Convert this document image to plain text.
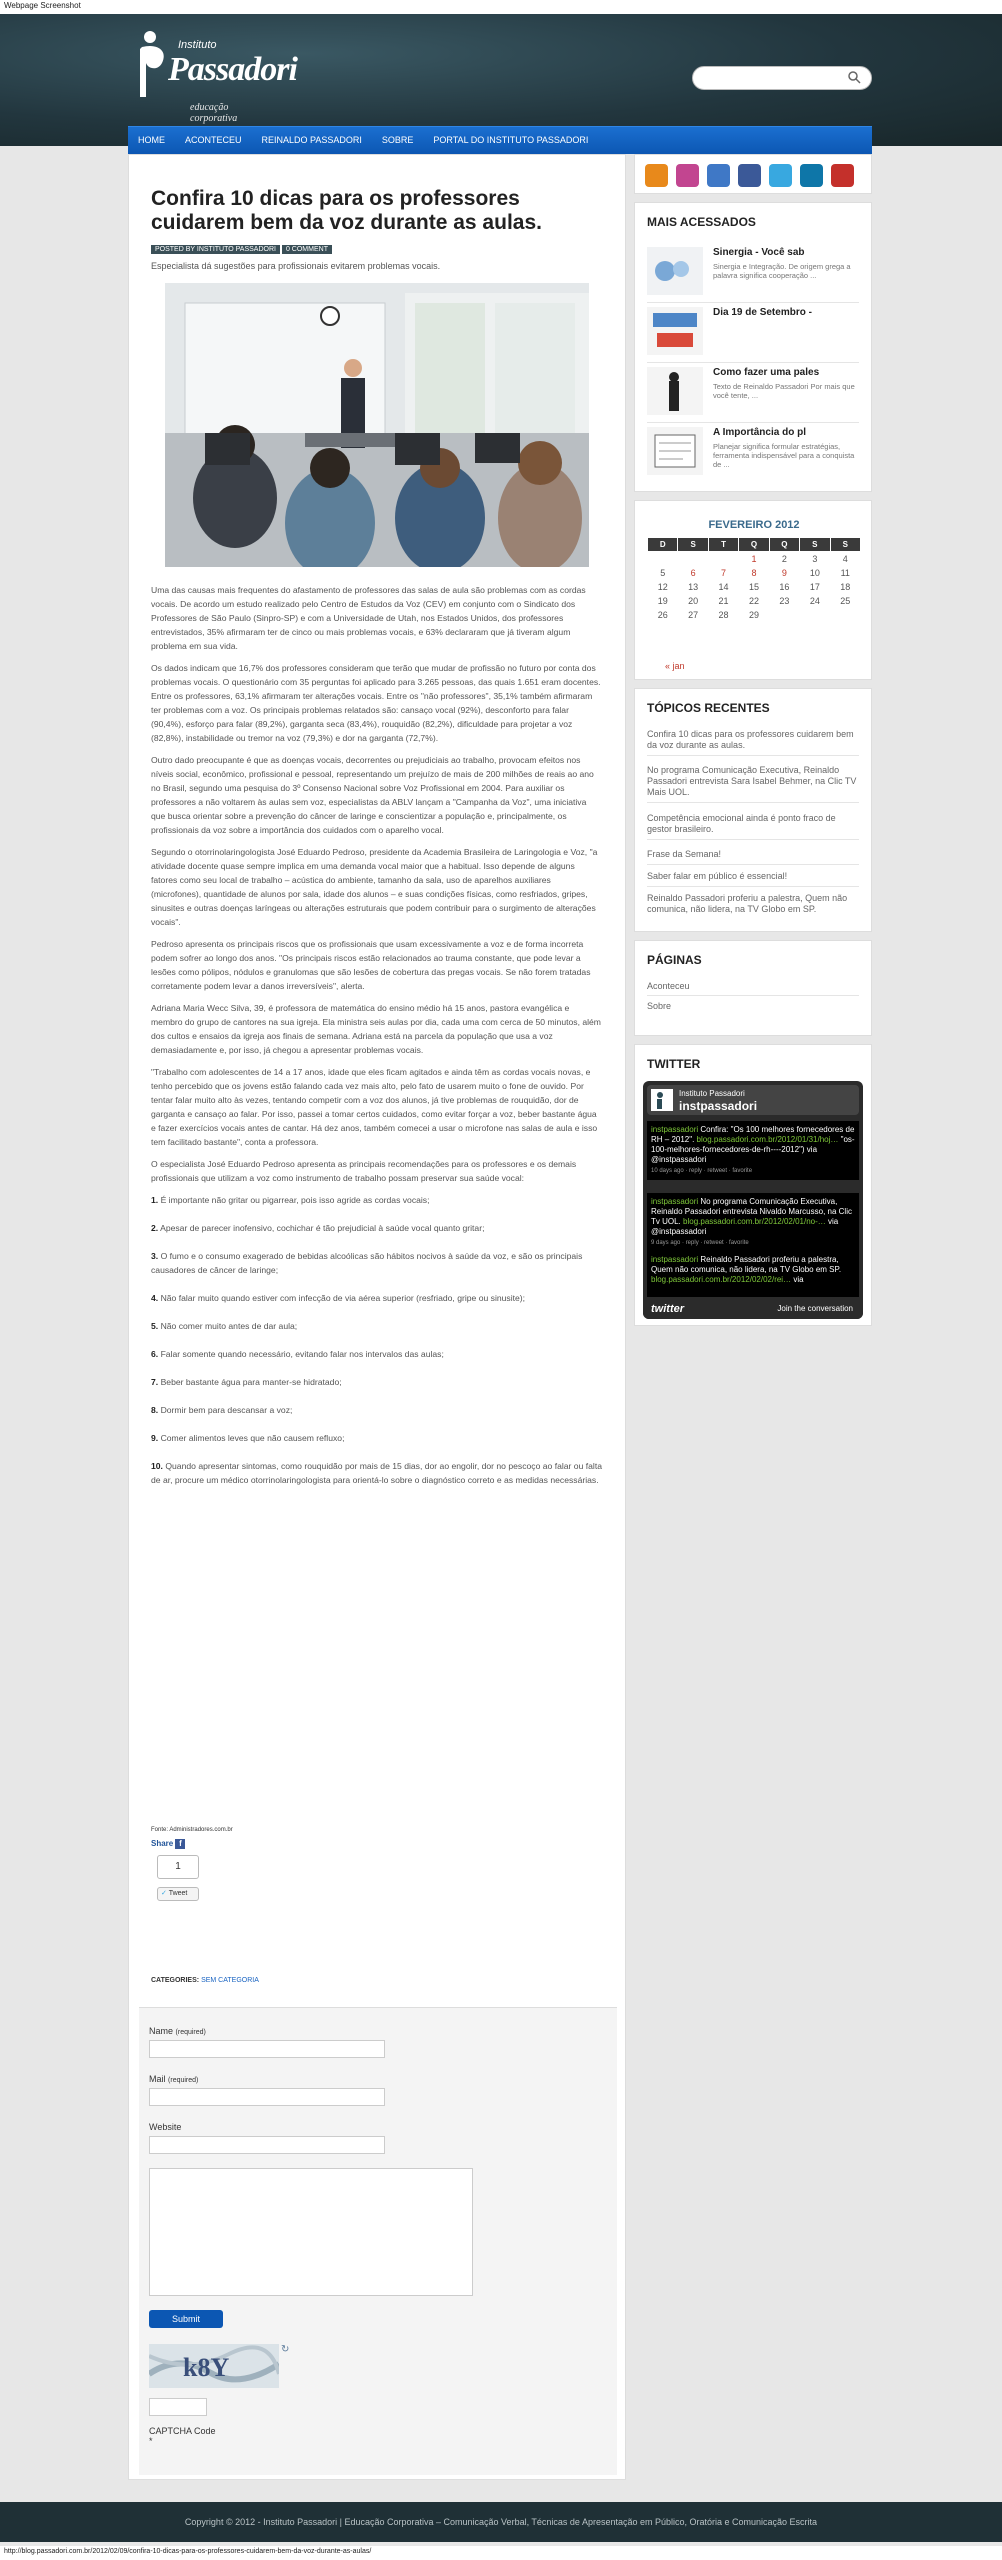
Webpage Screenshot
Instituto
Passadori
educação corporativa
HOME	ACONTECEU	REINALDO PASSADORI	SOBRE	PORTAL DO INSTITUTO PASSADORI
Confira 10 dicas para os professores cuidarem bem da voz durante as aulas.
POSTED BY INSTITUTO PASSADORI 0 COMMENT
Especialista dá sugestões para profissionais evitarem problemas vocais.

Uma das causas mais frequentes do afastamento de professores das salas de aula são problemas com as cordas vocais. De acordo um estudo realizado pelo Centro de Estudos da Voz (CEV) em conjunto com o Sindicato dos Professores de São Paulo (Sinpro-SP) e com a Universidade de Utah, nos Estados Unidos, dos professores entrevistados, 35% afirmaram ter de cinco ou mais problemas vocais, e 63% declararam que já tiveram algum problema em sua vida.

Os dados indicam que 16,7% dos professores consideram que terão que mudar de profissão no futuro por conta dos problemas vocais. O questionário com 35 perguntas foi aplicado para 3.265 pessoas, das quais 1.651 eram docentes. Entre os professores, 63,1% afirmaram ter alterações vocais. Entre os "não professores", 35,1% também afirmaram ter problemas com a voz. Os principais problemas relatados são: cansaço vocal (92%), desconforto para falar (90,4%), esforço para falar (89,2%), garganta seca (83,4%), rouquidão (82,2%), dificuldade para projetar a voz (82,8%), instabilidade ou tremor na voz (79,3%) e dor na garganta (72,7%).

Outro dado preocupante é que as doenças vocais, decorrentes ou prejudiciais ao trabalho, provocam efeitos nos níveis social, econômico, profissional e pessoal, representando um prejuízo de mais de 200 milhões de reais ao ano no Brasil, segundo uma pesquisa do 3º Consenso Nacional sobre Voz Profissional em 2004. Para auxiliar os professores a não voltarem às aulas sem voz, especialistas da ABLV lançam a "Campanha da Voz", uma iniciativa que busca orientar sobre a prevenção do câncer de laringe e conscientizar a população e, principalmente, os profissionais da voz sobre a importância dos cuidados com o aparelho vocal.

Segundo o otorrinolaringologista José Eduardo Pedroso, presidente da Academia Brasileira de Laringologia e Voz, "a atividade docente quase sempre implica em uma demanda vocal maior que a habitual. Isso depende de alguns fatores como seu local de trabalho – acústica do ambiente, tamanho da sala, uso de aparelhos auxiliares (microfones), quantidade de alunos por sala, idade dos alunos – e suas condições físicas, como resfriados, gripes, sinusites e outras doenças laríngeas ou alterações estruturais que podem contribuir para o surgimento de alterações vocais".

Pedroso apresenta os principais riscos que os profissionais que usam excessivamente a voz e de forma incorreta podem sofrer ao longo dos anos. "Os principais riscos estão relacionados ao trauma constante, que pode levar a lesões como pólipos, nódulos e granulomas que são lesões de cobertura das pregas vocais. Se não forem tratadas corretamente podem levar a danos irreversíveis", alerta.

Adriana Maria Wecc Silva, 39, é professora de matemática do ensino médio há 15 anos, pastora evangélica e membro do grupo de cantores na sua igreja. Ela ministra seis aulas por dia, cada uma com cerca de 50 minutos, além dos cultos e ensaios da igreja aos finais de semana. Adriana está na parcela da população que usa a voz demasiadamente e, por isso, já chegou a apresentar problemas vocais.

"Trabalho com adolescentes de 14 a 17 anos, idade que eles ficam agitados e ainda têm as cordas vocais novas, e tenho percebido que os jovens estão falando cada vez mais alto, pelo fato de usarem muito o fone de ouvido. Por tentar falar muito alto às vezes, tentando competir com a voz dos alunos, já tive problemas de rouquidão, dor de garganta e cansaço ao falar. Por isso, passei a tomar certos cuidados, como evitar forçar a voz, beber bastante água e fazer exercícios vocais antes de cantar. Há dez anos, também comecei a usar o microfone nas salas de aula e isso tem facilitado bastante", conta a professora.

O especialista José Eduardo Pedroso apresenta as principais recomendações para os professores e os demais profissionais que utilizam a voz como instrumento de trabalho possam preservar sua saúde vocal:

1. É importante não gritar ou pigarrear, pois isso agride as cordas vocais;

2. Apesar de parecer inofensivo, cochichar é tão prejudicial à saúde vocal quanto gritar;

3. O fumo e o consumo exagerado de bebidas alcoólicas são hábitos nocivos à saúde da voz, e são os principais causadores de câncer de laringe;

4. Não falar muito quando estiver com infecção de via aérea superior (resfriado, gripe ou sinusite);

5. Não comer muito antes de dar aula;

6. Falar somente quando necessário, evitando falar nos intervalos das aulas;

7. Beber bastante água para manter-se hidratado;

8. Dormir bem para descansar a voz;

9. Comer alimentos leves que não causem refluxo;

10. Quando apresentar sintomas, como rouquidão por mais de 15 dias, dor ao engolir, dor no pescoço ao falar ou falta de ar, procure um médico otorrinolaringologista para orientá-lo sobre o diagnóstico correto e as medidas necessárias.

Fonte: Administradores.com.br
Share f
1
✓ Tweet
CATEGORIES: SEM CATEGORIA
Name (required)
Mail (required)
Website
Submit
k8Y
↻
CAPTCHA Code
*
MAIS ACESSADOS
Sinergia - Você sab
Sinergia e Integração. De origem grega a palavra significa cooperação ...
Dia 19 de Setembro -
Como fazer uma pales
Texto de Reinaldo Passadori Por mais que você tente, ...
A Importância do pl
Planejar significa formular estratégias, ferramenta indispensável para a conquista de ...
FEVEREIRO 2012
D	S	T	Q	Q	S	S
			1	2	3	4
5	6	7	8	9	10	11
12	13	14	15	16	17	18
19	20	21	22	23	24	25
26	27	28	29			
« jan
TÓPICOS RECENTES
Confira 10 dicas para os professores cuidarem bem da voz durante as aulas.
No programa Comunicação Executiva, Reinaldo Passadori entrevista Sara Isabel Behmer, na Clic TV Mais UOL.
Competência emocional ainda é ponto fraco de gestor brasileiro.
Frase da Semana!
Saber falar em público é essencial!
Reinaldo Passadori proferiu a palestra, Quem não comunica, não lidera, na TV Globo em SP.
PÁGINAS
Aconteceu
Sobre
TWITTER
Instituto Passadori
instpassadori
instpassadori Confira: "Os 100 melhores fornecedores de RH – 2012". blog.passadori.com.br/2012/01/31/hoj… "os-100-melhores-fornecedores-de-rh----2012") via @instpassadori
10 days ago · reply · retweet · favorite
instpassadori No programa Comunicação Executiva, Reinaldo Passadori entrevista Nivaldo Marcusso, na Clic Tv UOL. blog.passadori.com.br/2012/02/01/no-… via @instpassadori
9 days ago · reply · retweet · favorite
instpassadori Reinaldo Passadori proferiu a palestra, Quem não comunica, não lidera, na TV Globo em SP. blog.passadori.com.br/2012/02/02/rei… via
twitter	Join the conversation
Copyright © 2012 - Instituto Passadori | Educação Corporativa – Comunicação Verbal, Técnicas de Apresentação em Público, Oratória e Comunicação Escrita
http://blog.passadori.com.br/2012/02/09/confira-10-dicas-para-os-professores-cuidarem-bem-da-voz-durante-as-aulas/
